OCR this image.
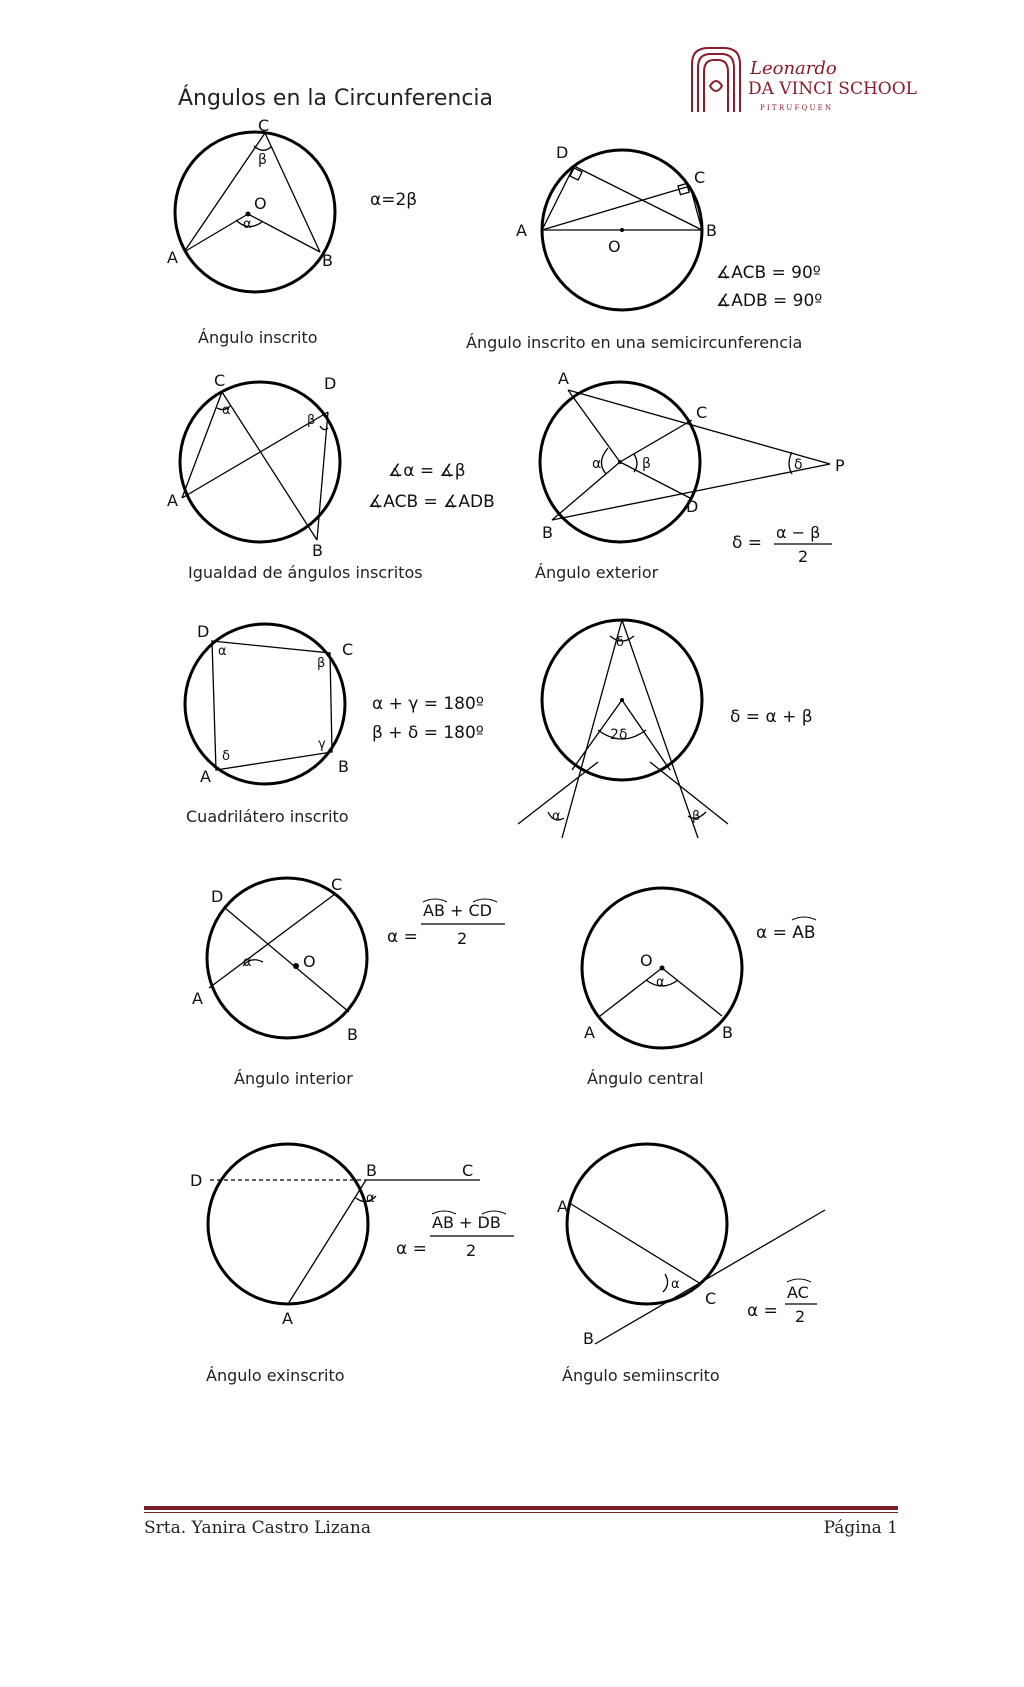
Leonardo
DA VINCI SCHOOL
P I T R U F Q U E N
Ángulos en la Circunferencia
C
β
O
α
A	B
α=2β
Ángulo inscrito
D
C
A	B
O
∡ACB = 90º
∡ADB = 90º
Ángulo inscrito en una semicircunferencia
C	D
α
β
A
B
∡α = ∡β
∡ACB = ∡ADB
Igualdad de ángulos inscritos
A
C
α	β	δ P
D
B
δ =
α − β
2
Ángulo exterior
D
C
α
β
γ
δ
A
B
α + γ = 180º
β + δ = 180º
Cuadrilátero inscrito
δ
2δ
α	β
δ = α + β
D
C
α	O
A
B
α =
AB + CD
2
Ángulo interior
O
α
A	B
α = AB
Ángulo central
D
B	C
α
A
α =
AB + DB
2
Ángulo exinscrito
A
α
C
B
α =
AC
2
Ángulo semiinscrito
Srta. Yanira Castro Lizana	Página 1
